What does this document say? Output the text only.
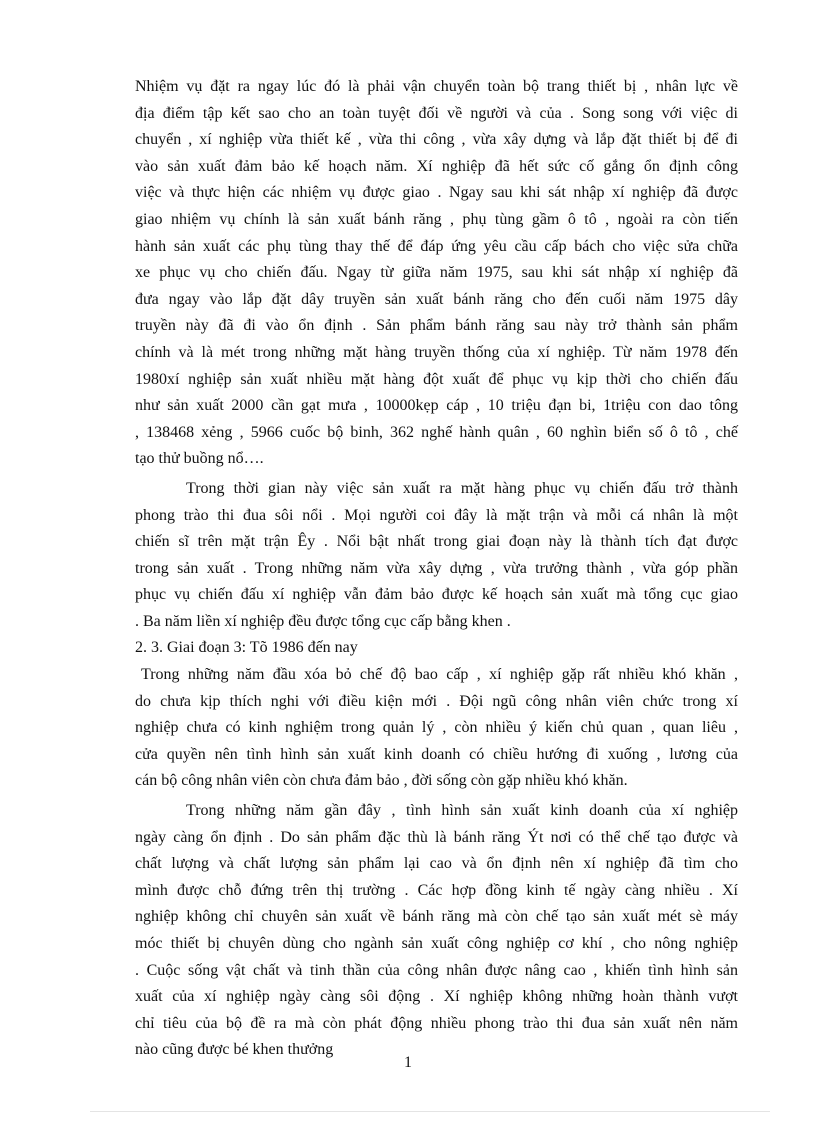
Nhiệm vụ đặt ra ngay lúc đó là phải vận chuyển toàn bộ trang thiết bị , nhân lực về
địa điểm tập kết sao cho an toàn tuyệt đối về người và của . Song song với việc di
chuyển , xí nghiệp vừa thiết kế , vừa thi công , vừa xây dựng và lắp đặt thiết bị để đi
vào sản xuất đảm bảo kế hoạch năm. Xí nghiệp đã hết sức cố gắng ổn định công
việc và thực hiện các nhiệm vụ được giao . Ngay sau khi sát nhập xí nghiệp đã được
giao nhiệm vụ chính là sản xuất bánh răng , phụ tùng gầm ô tô , ngoài ra còn tiến
hành sản xuất các phụ tùng thay thế để đáp ứng yêu cầu cấp bách cho việc sửa chữa
xe phục vụ cho chiến đấu. Ngay từ giữa năm 1975, sau khi sát nhập xí nghiệp đã
đưa ngay vào lắp đặt dây truyền sản xuất bánh răng cho đến cuối năm 1975 dây
truyền này đã đi vào ổn định . Sản phẩm bánh răng sau này trở thành sản phẩm
chính và là mét trong những mặt hàng truyền thống của xí nghiệp. Từ năm 1978 đến
1980xí nghiệp sản xuất nhiều mặt hàng đột xuất để phục vụ kịp thời cho chiến đấu
như sản xuất 2000 cần gạt mưa , 10000kẹp cáp , 10 triệu đạn bi, 1triệu con dao tông
, 138468 xẻng , 5966 cuốc bộ binh, 362 nghế hành quân , 60 nghìn biển số ô tô , chế
tạo thử buồng nổ….
Trong thời gian này việc sản xuất ra mặt hàng phục vụ chiến đấu trở thành
phong trào thi đua sôi nổi . Mọi người coi đây là mặt trận và mỗi cá nhân là một
chiến sĩ trên mặt trận Êy . Nổi bật nhất trong giai đoạn này là thành tích đạt được
trong sản xuất . Trong những năm vừa xây dựng , vừa trưởng thành , vừa góp phần
phục vụ chiến đấu xí nghiệp vẫn đảm bảo được kế hoạch sản xuất mà tổng cục giao
. Ba năm liền xí nghiệp đều được tổng cục cấp bằng khen .
2. 3. Giai đoạn 3: Tõ 1986 đến nay
Trong những năm đầu xóa bỏ chế độ bao cấp , xí nghiệp gặp rất nhiều khó khăn ,
do chưa kịp thích nghi với điều kiện mới . Đội ngũ công nhân viên chức trong xí
nghiệp chưa có kinh nghiệm trong quản lý , còn nhiều ý kiến chủ quan , quan liêu ,
cửa quyền nên tình hình sản xuất kinh doanh có chiều hướng đi xuống , lương của
cán bộ công nhân viên còn chưa đảm bảo , đời sống còn gặp nhiều khó khăn.
Trong những năm gần đây , tình hình sản xuất kinh doanh của xí nghiệp
ngày càng ổn định . Do sản phẩm đặc thù là bánh răng Ýt nơi có thể chế tạo được và
chất lượng và chất lượng sản phẩm lại cao và ổn định nên xí nghiệp đã tìm cho
mình được chỗ đứng trên thị trường . Các hợp đồng kinh tế ngày càng nhiều . Xí
nghiệp không chỉ chuyên sản xuất về bánh răng mà còn chế tạo sản xuất mét sè máy
móc thiết bị chuyên dùng cho ngành sản xuất công nghiệp cơ khí , cho nông nghiệp
. Cuộc sống vật chất và tinh thần của công nhân được nâng cao , khiến tình hình sản
xuất của xí nghiệp ngày càng sôi động . Xí nghiệp không những hoàn thành vượt
chỉ tiêu của bộ đề ra mà còn phát động nhiều phong trào thi đua sản xuất nên năm
nào cũng được bé khen thưởng
1
